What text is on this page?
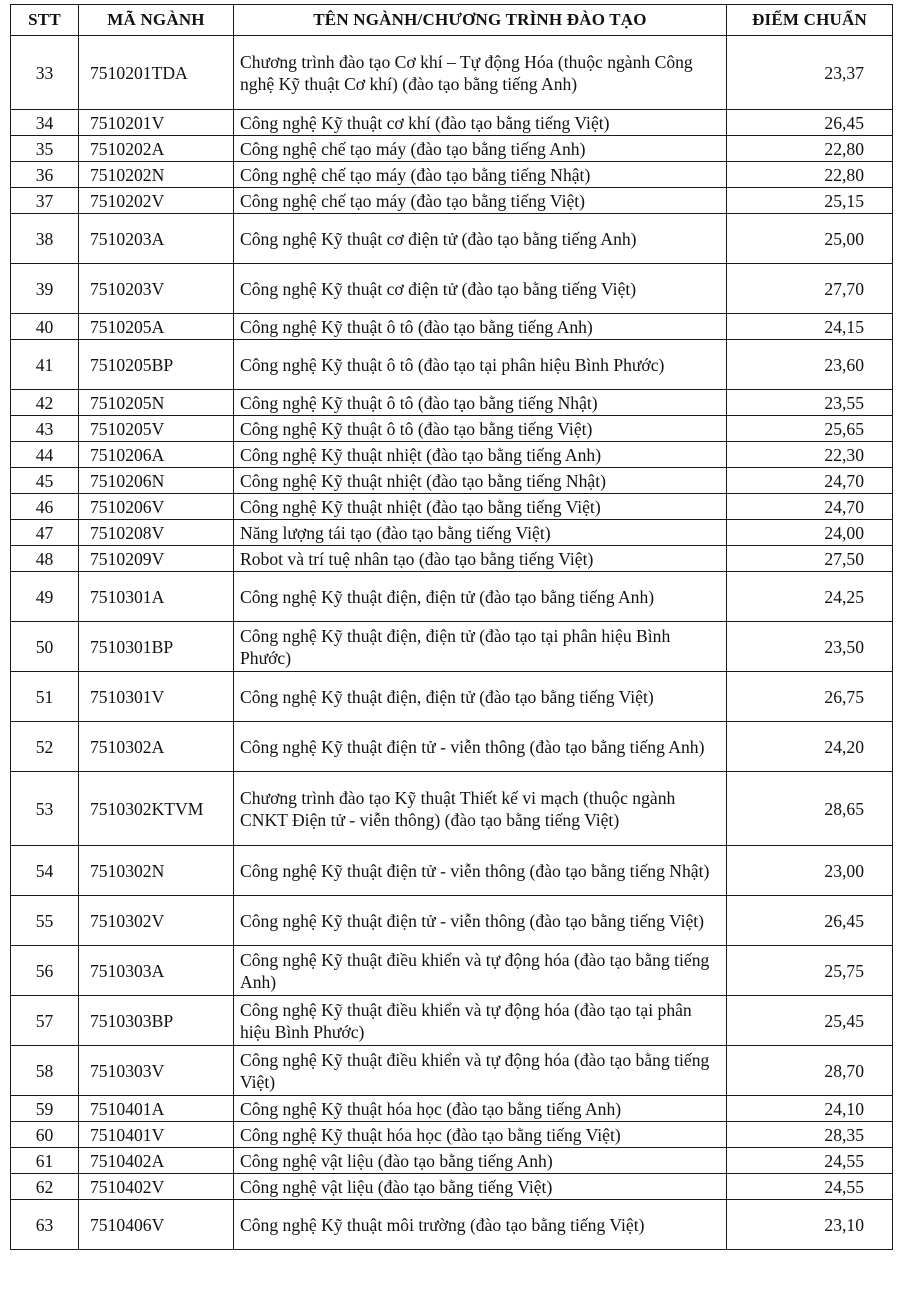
STT	MÃ NGÀNH	TÊN NGÀNH/CHƯƠNG TRÌNH ĐÀO TẠO	ĐIỂM CHUẨN
33	7510201TDA	Chương trình đào tạo Cơ khí – Tự động Hóa (thuộc ngành Công nghệ Kỹ thuật Cơ khí) (đào tạo bằng tiếng Anh)	23,37
34	7510201V	Công nghệ Kỹ thuật cơ khí (đào tạo bằng tiếng Việt)	26,45
35	7510202A	Công nghệ chế tạo máy (đào tạo bằng tiếng Anh)	22,80
36	7510202N	Công nghệ chế tạo máy (đào tạo bằng tiếng Nhật)	22,80
37	7510202V	Công nghệ chế tạo máy (đào tạo bằng tiếng Việt)	25,15
38	7510203A	Công nghệ Kỹ thuật cơ điện tử (đào tạo bằng tiếng Anh)	25,00
39	7510203V	Công nghệ Kỹ thuật cơ điện tử (đào tạo bằng tiếng Việt)	27,70
40	7510205A	Công nghệ Kỹ thuật ô tô (đào tạo bằng tiếng Anh)	24,15
41	7510205BP	Công nghệ Kỹ thuật ô tô (đào tạo tại phân hiệu Bình Phước)	23,60
42	7510205N	Công nghệ Kỹ thuật ô tô (đào tạo bằng tiếng Nhật)	23,55
43	7510205V	Công nghệ Kỹ thuật ô tô (đào tạo bằng tiếng Việt)	25,65
44	7510206A	Công nghệ Kỹ thuật nhiệt (đào tạo bằng tiếng Anh)	22,30
45	7510206N	Công nghệ Kỹ thuật nhiệt (đào tạo bằng tiếng Nhật)	24,70
46	7510206V	Công nghệ Kỹ thuật nhiệt (đào tạo bằng tiếng Việt)	24,70
47	7510208V	Năng lượng tái tạo (đào tạo bằng tiếng Việt)	24,00
48	7510209V	Robot và trí tuệ nhân tạo (đào tạo bằng tiếng Việt)	27,50
49	7510301A	Công nghệ Kỹ thuật điện, điện tử (đào tạo bằng tiếng Anh)	24,25
50	7510301BP	Công nghệ Kỹ thuật điện, điện tử (đào tạo tại phân hiệu Bình Phước)	23,50
51	7510301V	Công nghệ Kỹ thuật điện, điện tử (đào tạo bằng tiếng Việt)	26,75
52	7510302A	Công nghệ Kỹ thuật điện tử - viễn thông (đào tạo bằng tiếng Anh)	24,20
53	7510302KTVM	Chương trình đào tạo Kỹ thuật Thiết kế vi mạch (thuộc ngành CNKT Điện tử - viễn thông) (đào tạo bằng tiếng Việt)	28,65
54	7510302N	Công nghệ Kỹ thuật điện tử - viễn thông (đào tạo bằng tiếng Nhật)	23,00
55	7510302V	Công nghệ Kỹ thuật điện tử - viễn thông (đào tạo bằng tiếng Việt)	26,45
56	7510303A	Công nghệ Kỹ thuật điều khiển và tự động hóa (đào tạo bằng tiếng Anh)	25,75
57	7510303BP	Công nghệ Kỹ thuật điều khiển và tự động hóa (đào tạo tại phân hiệu Bình Phước)	25,45
58	7510303V	Công nghệ Kỹ thuật điều khiển và tự động hóa (đào tạo bằng tiếng Việt)	28,70
59	7510401A	Công nghệ Kỹ thuật hóa học (đào tạo bằng tiếng Anh)	24,10
60	7510401V	Công nghệ Kỹ thuật hóa học (đào tạo bằng tiếng Việt)	28,35
61	7510402A	Công nghệ vật liệu (đào tạo bằng tiếng Anh)	24,55
62	7510402V	Công nghệ vật liệu (đào tạo bằng tiếng Việt)	24,55
63	7510406V	Công nghệ Kỹ thuật môi trường (đào tạo bằng tiếng Việt)	23,10
